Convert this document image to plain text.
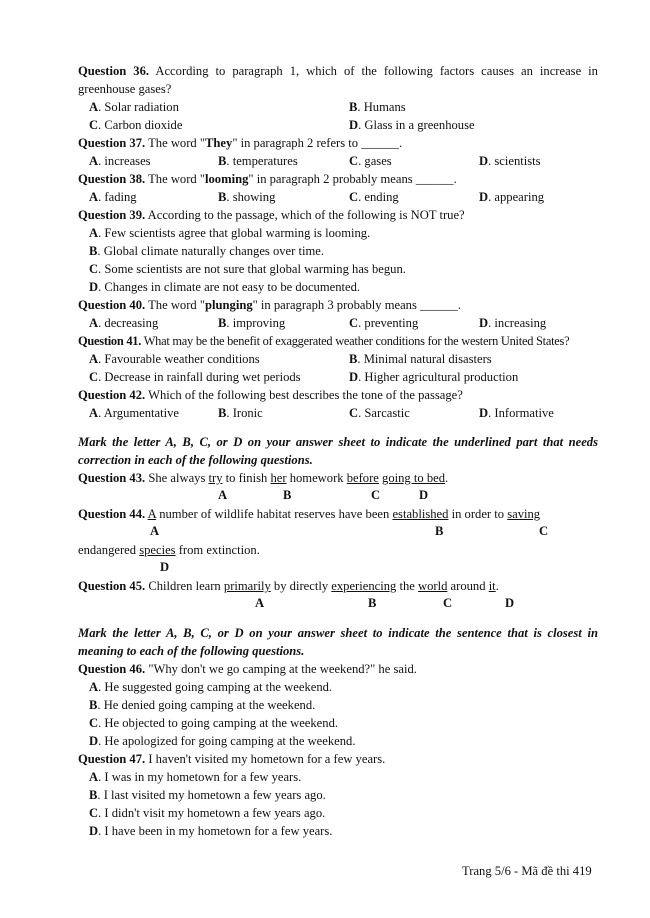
Question 36. According to paragraph 1, which of the following factors causes an increase in
greenhouse gases?
A. Solar radiation	B. Humans
C. Carbon dioxide	D. Glass in a greenhouse
Question 37. The word "They" in paragraph 2 refers to ______.
A. increases	B. temperatures	C. gases	D. scientists
Question 38. The word "looming" in paragraph 2 probably means ______.
A. fading	B. showing	C. ending	D. appearing
Question 39. According to the passage, which of the following is NOT true?
A. Few scientists agree that global warming is looming.
B. Global climate naturally changes over time.
C. Some scientists are not sure that global warming has begun.
D. Changes in climate are not easy to be documented.
Question 40. The word "plunging" in paragraph 3 probably means ______.
A. decreasing	B. improving	C. preventing	D. increasing
Question 41. What may be the benefit of exaggerated weather conditions for the western United States?
A. Favourable weather conditions	B. Minimal natural disasters
C. Decrease in rainfall during wet periods	D. Higher agricultural production
Question 42. Which of the following best describes the tone of the passage?
A. Argumentative	B. Ironic	C. Sarcastic	D. Informative
Mark the letter A, B, C, or D on your answer sheet to indicate the underlined part that needs
correction in each of the following questions.
Question 43. She always try to finish her homework before going to bed.
A	B	C	D
Question 44. A number of wildlife habitat reserves have been established in order to saving
A	B	C
endangered species from extinction.
D
Question 45. Children learn primarily by directly experiencing the world around it.
A	B	C	D
Mark the letter A, B, C, or D on your answer sheet to indicate the sentence that is closest in
meaning to each of the following questions.
Question 46. "Why don't we go camping at the weekend?" he said.
A. He suggested going camping at the weekend.
B. He denied going camping at the weekend.
C. He objected to going camping at the weekend.
D. He apologized for going camping at the weekend.
Question 47. I haven't visited my hometown for a few years.
A. I was in my hometown for a few years.
B. I last visited my hometown a few years ago.
C. I didn't visit my hometown a few years ago.
D. I have been in my hometown for a few years.
Trang 5/6 - Mã đề thi 419
